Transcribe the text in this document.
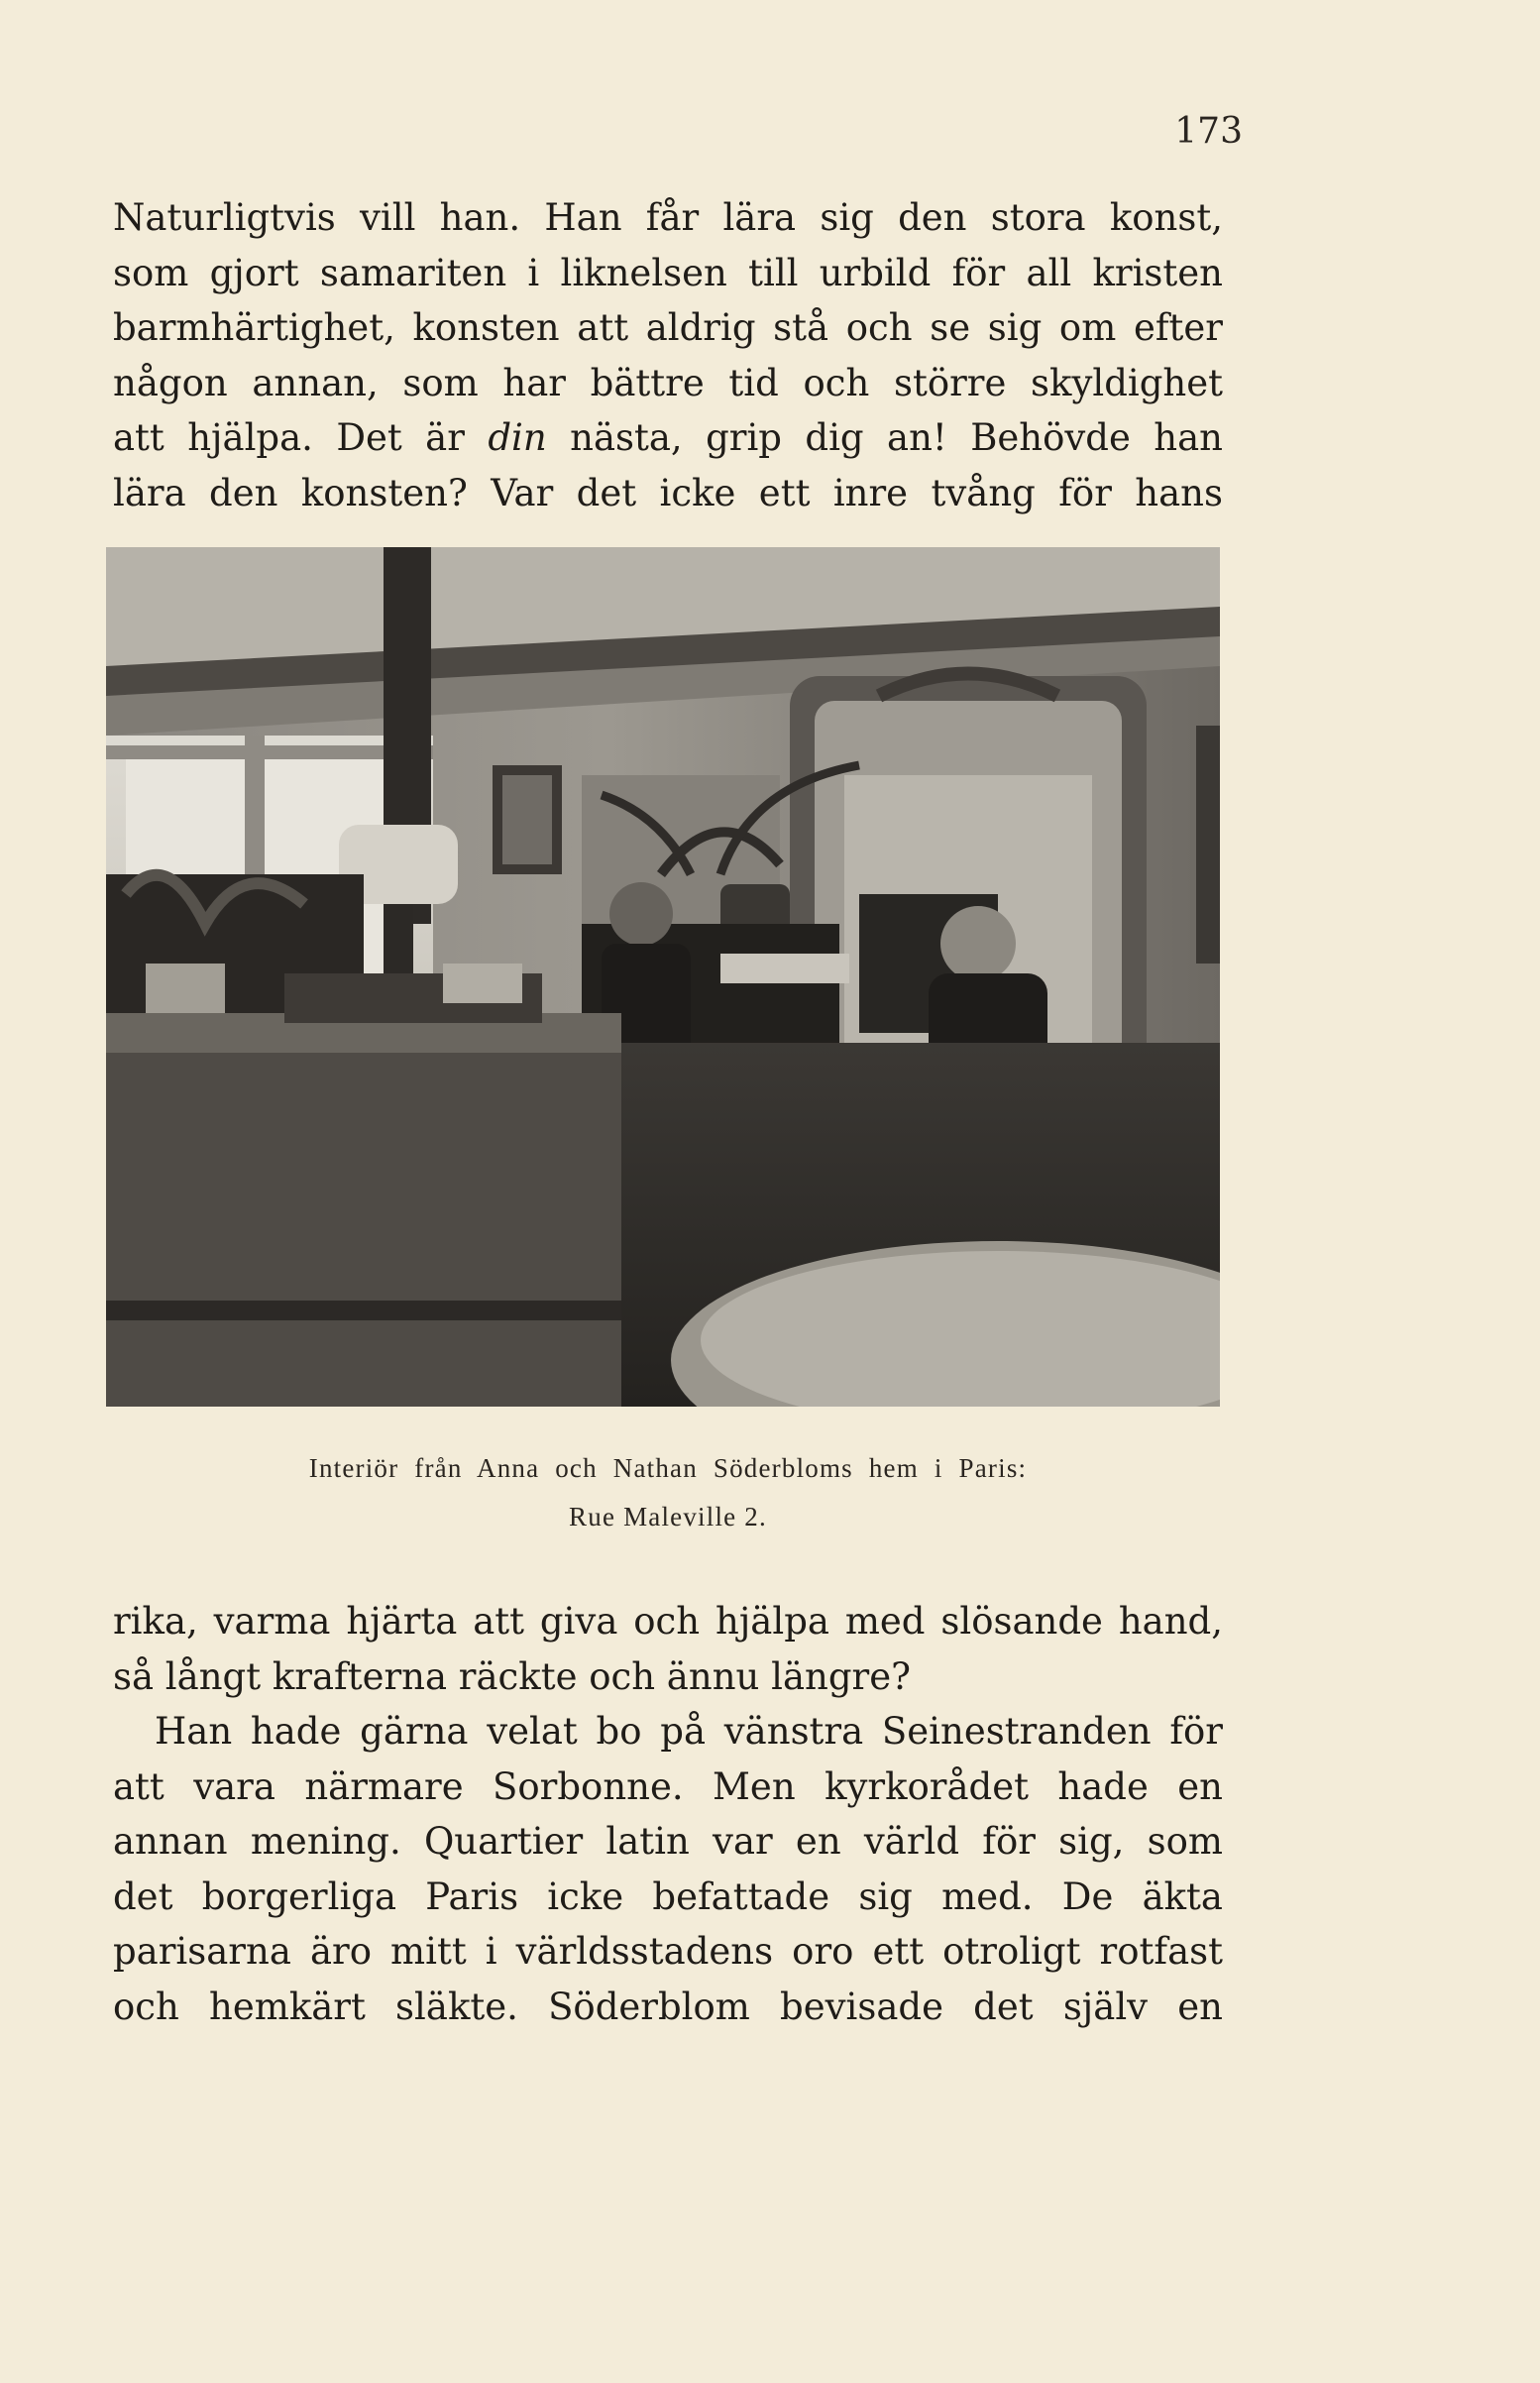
173
Naturligtvis vill han. Han får lära sig den stora konst,
som gjort samariten i liknelsen till urbild för all kristen
barmhärtighet, konsten att aldrig stå och se sig om efter
någon annan, som har bättre tid och större skyldighet
att hjälpa. Det är din nästa, grip dig an! Behövde han
lära den konsten? Var det icke ett inre tvång för hans
Interiör från Anna och Nathan Söderbloms hem i Paris:
Rue Maleville 2.
rika, varma hjärta att giva och hjälpa med slösande hand,
så långt krafterna räckte och ännu längre?
Han hade gärna velat bo på vänstra Seinestranden för
att vara närmare Sorbonne. Men kyrkorådet hade en
annan mening. Quartier latin var en värld för sig, som
det borgerliga Paris icke befattade sig med. De äkta
parisarna äro mitt i världsstadens oro ett otroligt rotfast
och hemkärt släkte. Söderblom bevisade det själv en
